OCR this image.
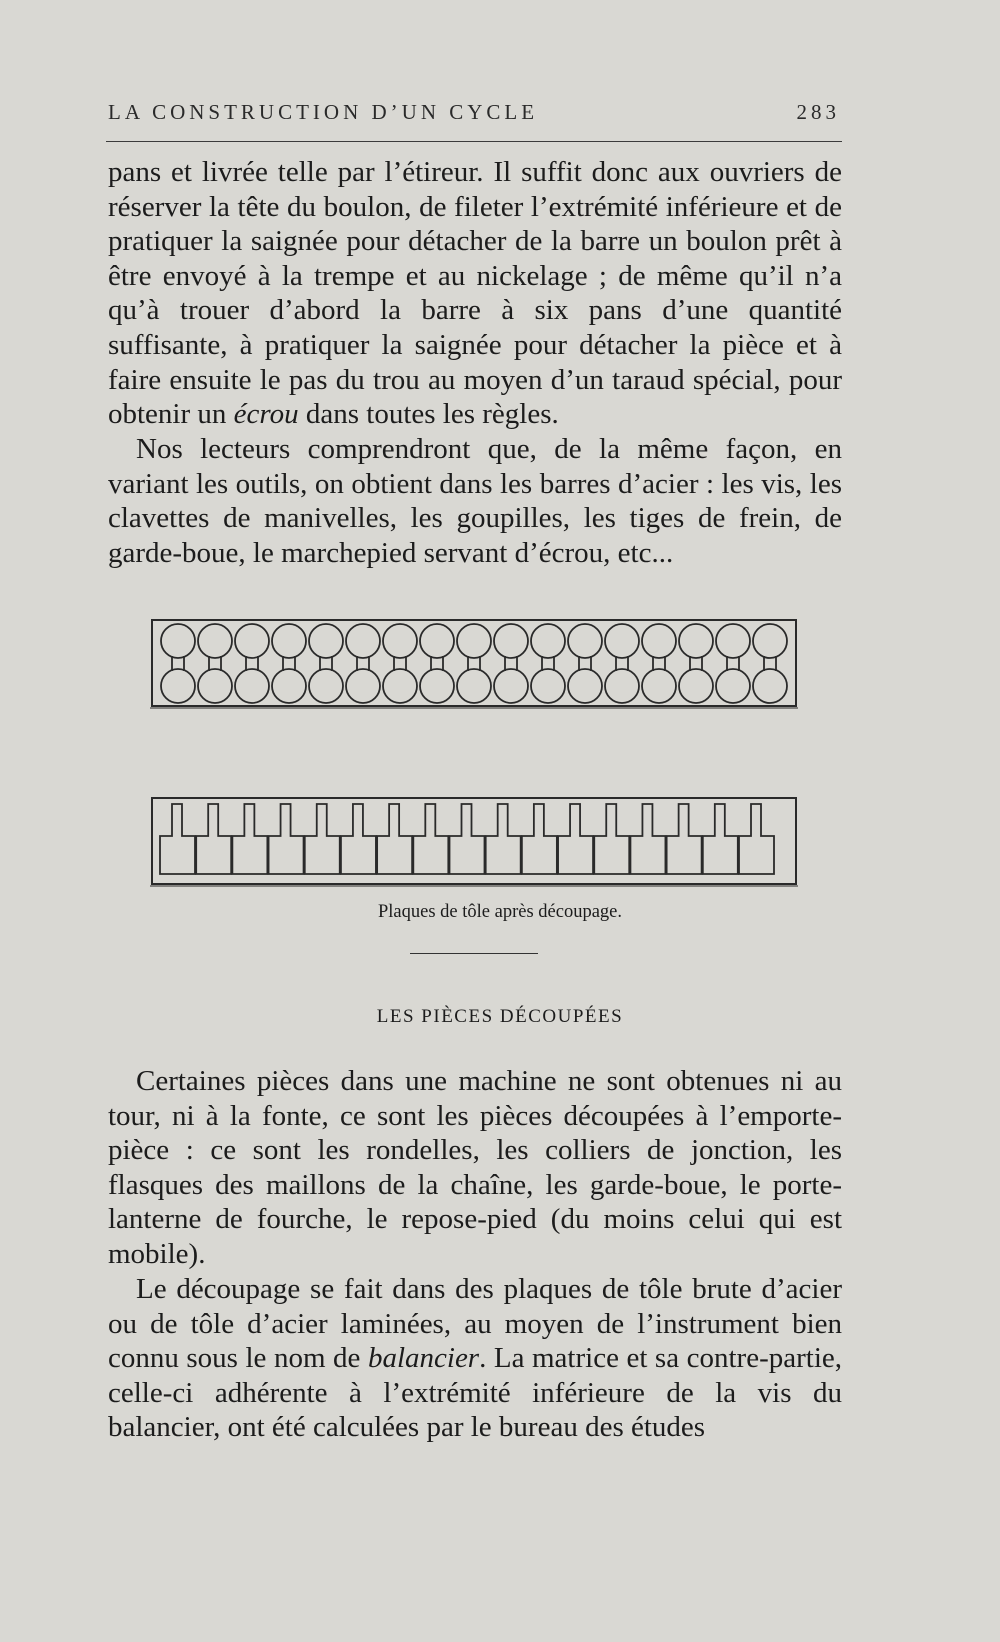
LA CONSTRUCTION D’UN CYCLE	283

pans et livrée telle par l’étireur. Il suffit donc aux ouvriers de réserver la tête du boulon, de fileter l’extrémité inférieure et de pratiquer la saignée pour détacher de la barre un boulon prêt à être envoyé à la trempe et au nickelage ; de même qu’il n’a qu’à trouer d’abord la barre à six pans d’une quantité suffisante, à pratiquer la saignée pour détacher la pièce et à faire ensuite le pas du trou au moyen d’un taraud spécial, pour obtenir un écrou dans toutes les règles.

Nos lecteurs comprendront que, de la même façon, en variant les outils, on obtient dans les barres d’acier : les vis, les clavettes de manivelles, les goupilles, les tiges de frein, de garde-boue, le marchepied servant d’écrou, etc...

Plaques de tôle après découpage.
LES PIÈCES DÉCOUPÉES

Certaines pièces dans une machine ne sont obtenues ni au tour, ni à la fonte, ce sont les pièces découpées à l’emporte-pièce : ce sont les rondelles, les colliers de jonction, les flasques des maillons de la chaîne, les garde-boue, le porte-lanterne de fourche, le repose-pied (du moins celui qui est mobile).

Le découpage se fait dans des plaques de tôle brute d’acier ou de tôle d’acier laminées, au moyen de l’instrument bien connu sous le nom de balancier. La matrice et sa contre-partie, celle-ci adhérente à l’extrémité inférieure de la vis du balancier, ont été calculées par le bureau des études
